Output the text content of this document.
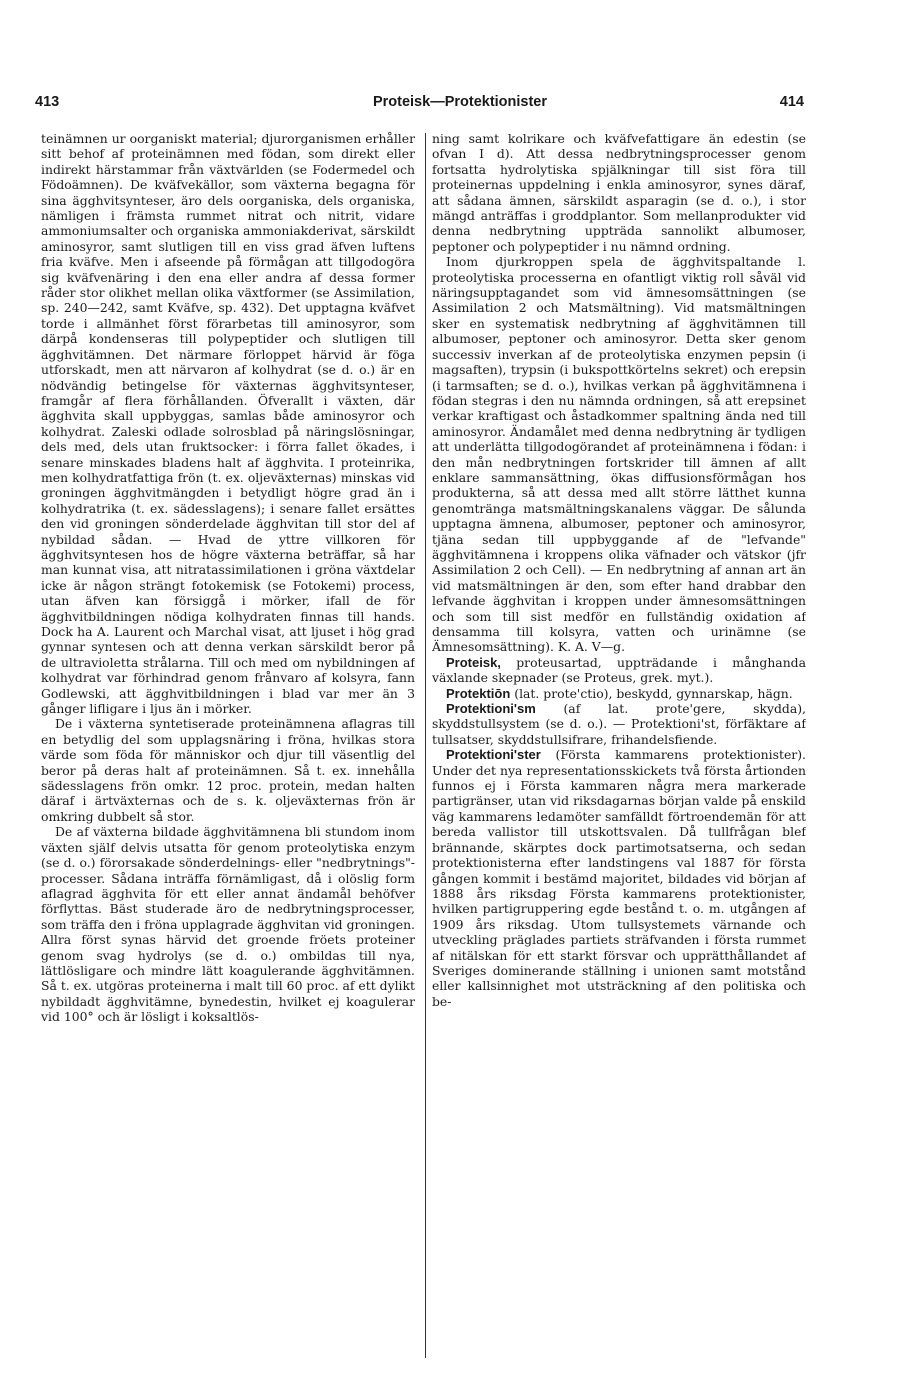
413	Proteisk—Protektionister	414

teinämnen ur oorganiskt material; djurorganismen erhåller sitt behof af proteinämnen med födan, som direkt eller indirekt härstammar från växtvärlden (se Fodermedel och Födoämnen). De kväfvekällor, som växterna begagna för sina ägghvitsynteser, äro dels oorganiska, dels organiska, nämligen i främsta rummet nitrat och nitrit, vidare ammoniumsalter och organiska ammoniakderivat, särskildt aminosyror, samt slutligen till en viss grad äfven luftens fria kväfve. Men i afseende på förmågan att tillgodogöra sig kväfvenäring i den ena eller andra af dessa former råder stor olikhet mellan olika växtformer (se Assimilation, sp. 240—242, samt Kväfve, sp. 432). Det upptagna kväfvet torde i allmänhet först förarbetas till aminosyror, som därpå kondenseras till polypeptider och slutligen till ägghvitämnen. Det närmare förloppet härvid är föga utforskadt, men att närvaron af kolhydrat (se d. o.) är en nödvändig betingelse för växternas ägghvitsynteser, framgår af flera förhållanden. Öfverallt i växten, där ägghvita skall uppbyggas, samlas både aminosyror och kolhydrat. Zaleski odlade solrosblad på näringslösningar, dels med, dels utan fruktsocker: i förra fallet ökades, i senare minskades bladens halt af ägghvita. I proteinrika, men kolhydratfattiga frön (t. ex. oljeväxternas) minskas vid groningen ägghvitmängden i betydligt högre grad än i kolhydratrika (t. ex. sädesslagens); i senare fallet ersättes den vid groningen sönderdelade ägghvitan till stor del af nybildad sådan. — Hvad de yttre villkoren för ägghvitsyntesen hos de högre växterna beträffar, så har man kunnat visa, att nitratassimilationen i gröna växtdelar icke är någon strängt fotokemisk (se Fotokemi) process, utan äfven kan försiggå i mörker, ifall de för ägghvitbildningen nödiga kolhydraten finnas till hands. Dock ha A. Laurent och Marchal visat, att ljuset i hög grad gynnar syntesen och att denna verkan särskildt beror på de ultravioletta strålarna. Till och med om nybildningen af kolhydrat var förhindrad genom frånvaro af kolsyra, fann Godlewski, att ägghvitbildningen i blad var mer än 3 gånger lifligare i ljus än i mörker.

De i växterna syntetiserade proteinämnena aflagras till en betydlig del som upplagsnäring i fröna, hvilkas stora värde som föda för människor och djur till väsentlig del beror på deras halt af proteinämnen. Så t. ex. innehålla sädesslagens frön omkr. 12 proc. protein, medan halten däraf i ärtväxternas och de s. k. oljeväxternas frön är omkring dubbelt så stor.

De af växterna bildade ägghvitämnena bli stundom inom växten själf delvis utsatta för genom proteolytiska enzym (se d. o.) förorsakade sönderdelnings- eller "nedbrytnings"-processer. Sådana inträffa förnämligast, då i olöslig form aflagrad ägghvita för ett eller annat ändamål behöfver förflyttas. Bäst studerade äro de nedbrytningsprocesser, som träffa den i fröna upplagrade ägghvitan vid groningen. Allra först synas härvid det groende fröets proteiner genom svag hydrolys (se d. o.) ombildas till nya, lättlösligare och mindre lätt koagulerande ägghvitämnen. Så t. ex. utgöras proteinerna i malt till 60 proc. af ett dylikt nybildadt ägghvitämne, bynedestin, hvilket ej koagulerar vid 100° och är lösligt i koksaltlös-

ning samt kolrikare och kväfvefattigare än edestin (se ofvan I d). Att dessa nedbrytningsprocesser genom fortsatta hydrolytiska spjälkningar till sist föra till proteinernas uppdelning i enkla aminosyror, synes däraf, att sådana ämnen, särskildt asparagin (se d. o.), i stor mängd anträffas i groddplantor. Som mellanprodukter vid denna nedbrytning uppträda sannolikt albumoser, peptoner och polypeptider i nu nämnd ordning.

Inom djurkroppen spela de ägghvitspaltande l. proteolytiska processerna en ofantligt viktig roll såväl vid näringsupptagandet som vid ämnesomsättningen (se Assimilation 2 och Matsmältning). Vid matsmältningen sker en systematisk nedbrytning af ägghvitämnen till albumoser, peptoner och aminosyror. Detta sker genom successiv inverkan af de proteolytiska enzymen pepsin (i magsaften), trypsin (i bukspottkörtelns sekret) och erepsin (i tarmsaften; se d. o.), hvilkas verkan på ägghvitämnena i födan stegras i den nu nämnda ordningen, så att erepsinet verkar kraftigast och åstadkommer spaltning ända ned till aminosyror. Ändamålet med denna nedbrytning är tydligen att underlätta tillgodogörandet af proteinämnena i födan: i den mån nedbrytningen fortskrider till ämnen af allt enklare sammansättning, ökas diffusionsförmågan hos produkterna, så att dessa med allt större lätthet kunna genomtränga matsmältningskanalens väggar. De sålunda upptagna ämnena, albumoser, peptoner och aminosyror, tjäna sedan till uppbyggande af de "lefvande" ägghvitämnena i kroppens olika väfnader och vätskor (jfr Assimilation 2 och Cell). — En nedbrytning af annan art än vid matsmältningen är den, som efter hand drabbar den lefvande ägghvitan i kroppen under ämnesomsättningen och som till sist medför en fullständig oxidation af densamma till kolsyra, vatten och urinämne (se Ämnesomsättning). K. A. V—g.

Proteisk, proteusartad, uppträdande i månghanda växlande skepnader (se Proteus, grek. myt.).

Protektiōn (lat. prote'ctio), beskydd, gynnarskap, hägn.

Protektioni'sm (af lat. prote'gere, skydda), skyddstullsystem (se d. o.). — Protektioni'st, förfäktare af tullsatser, skyddstullsifrare, frihandelsfiende.

Protektioni'ster (Första kammarens protektionister). Under det nya representationsskickets två första årtionden funnos ej i Första kammaren några mera markerade partigränser, utan vid riksdagarnas början valde på enskild väg kammarens ledamöter samfälldt förtroendemän för att bereda vallistor till utskottsvalen. Då tullfrågan blef brännande, skärptes dock partimotsatserna, och sedan protektionisterna efter landstingens val 1887 för första gången kommit i bestämd majoritet, bildades vid början af 1888 års riksdag Första kammarens protektionister, hvilken partigruppering egde bestånd t. o. m. utgången af 1909 års riksdag. Utom tullsystemets värnande och utveckling präglades partiets sträfvanden i första rummet af nitälskan för ett starkt försvar och upprätthållandet af Sveriges dominerande ställning i unionen samt motstånd eller kallsinnighet mot utsträckning af den politiska och be-
